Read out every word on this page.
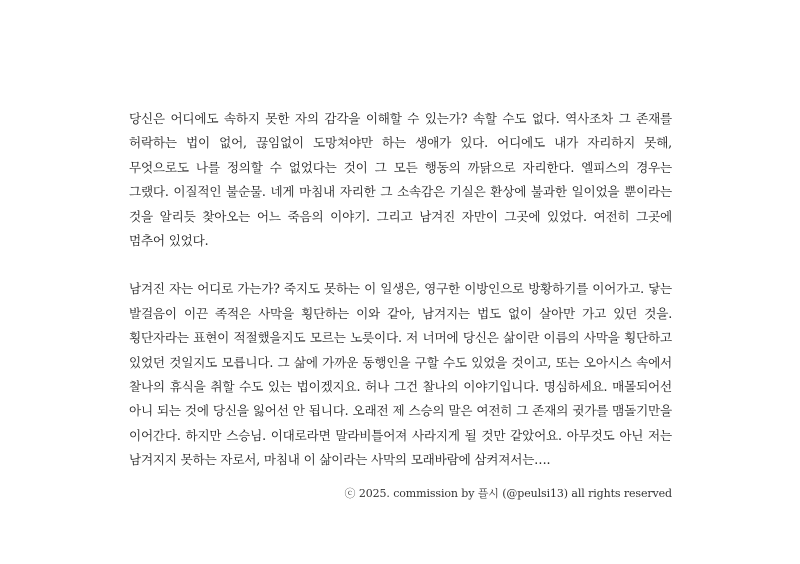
당신은 어디에도 속하지 못한 자의 감각을 이해할 수 있는가? 속할 수도 없다. 역사조차 그 존재를 허락하는 법이 없어, 끊임없이 도망쳐야만 하는 생애가 있다. 어디에도 내가 자리하지 못해, 무엇으로도 나를 정의할 수 없었다는 것이 그 모든 행동의 까닭으로 자리한다. 엘피스의 경우는 그랬다. 이질적인 불순물. 네게 마침내 자리한 그 소속감은 기실은 환상에 불과한 일이었을 뿐이라는 것을 알리듯 찾아오는 어느 죽음의 이야기. 그리고 남겨진 자만이 그곳에 있었다. 여전히 그곳에 멈추어 있었다.

남겨진 자는 어디로 가는가? 죽지도 못하는 이 일생은, 영구한 이방인으로 방황하기를 이어가고. 닿는 발걸음이 이끈 족적은 사막을 횡단하는 이와 같아, 남겨지는 법도 없이 살아만 가고 있던 것을. 횡단자라는 표현이 적절했을지도 모르는 노릇이다. 저 너머에 당신은 삶이란 이름의 사막을 횡단하고 있었던 것일지도 모릅니다. 그 삶에 가까운 동행인을 구할 수도 있었을 것이고, 또는 오아시스 속에서 찰나의 휴식을 취할 수도 있는 법이겠지요. 허나 그건 찰나의 이야기입니다. 명심하세요. 매몰되어선 아니 되는 것에 당신을 잃어선 안 됩니다. 오래전 제 스승의 말은 여전히 그 존재의 귓가를 맴돌기만을 이어간다. 하지만 스승님. 이대로라면 말라비틀어져 사라지게 될 것만 같았어요. 아무것도 아닌 저는 남겨지지 못하는 자로서, 마침내 이 삶이라는 사막의 모래바람에 삼켜져서는….

ⓒ 2025. commission by 플시 (@peulsi13) all rights reserved
